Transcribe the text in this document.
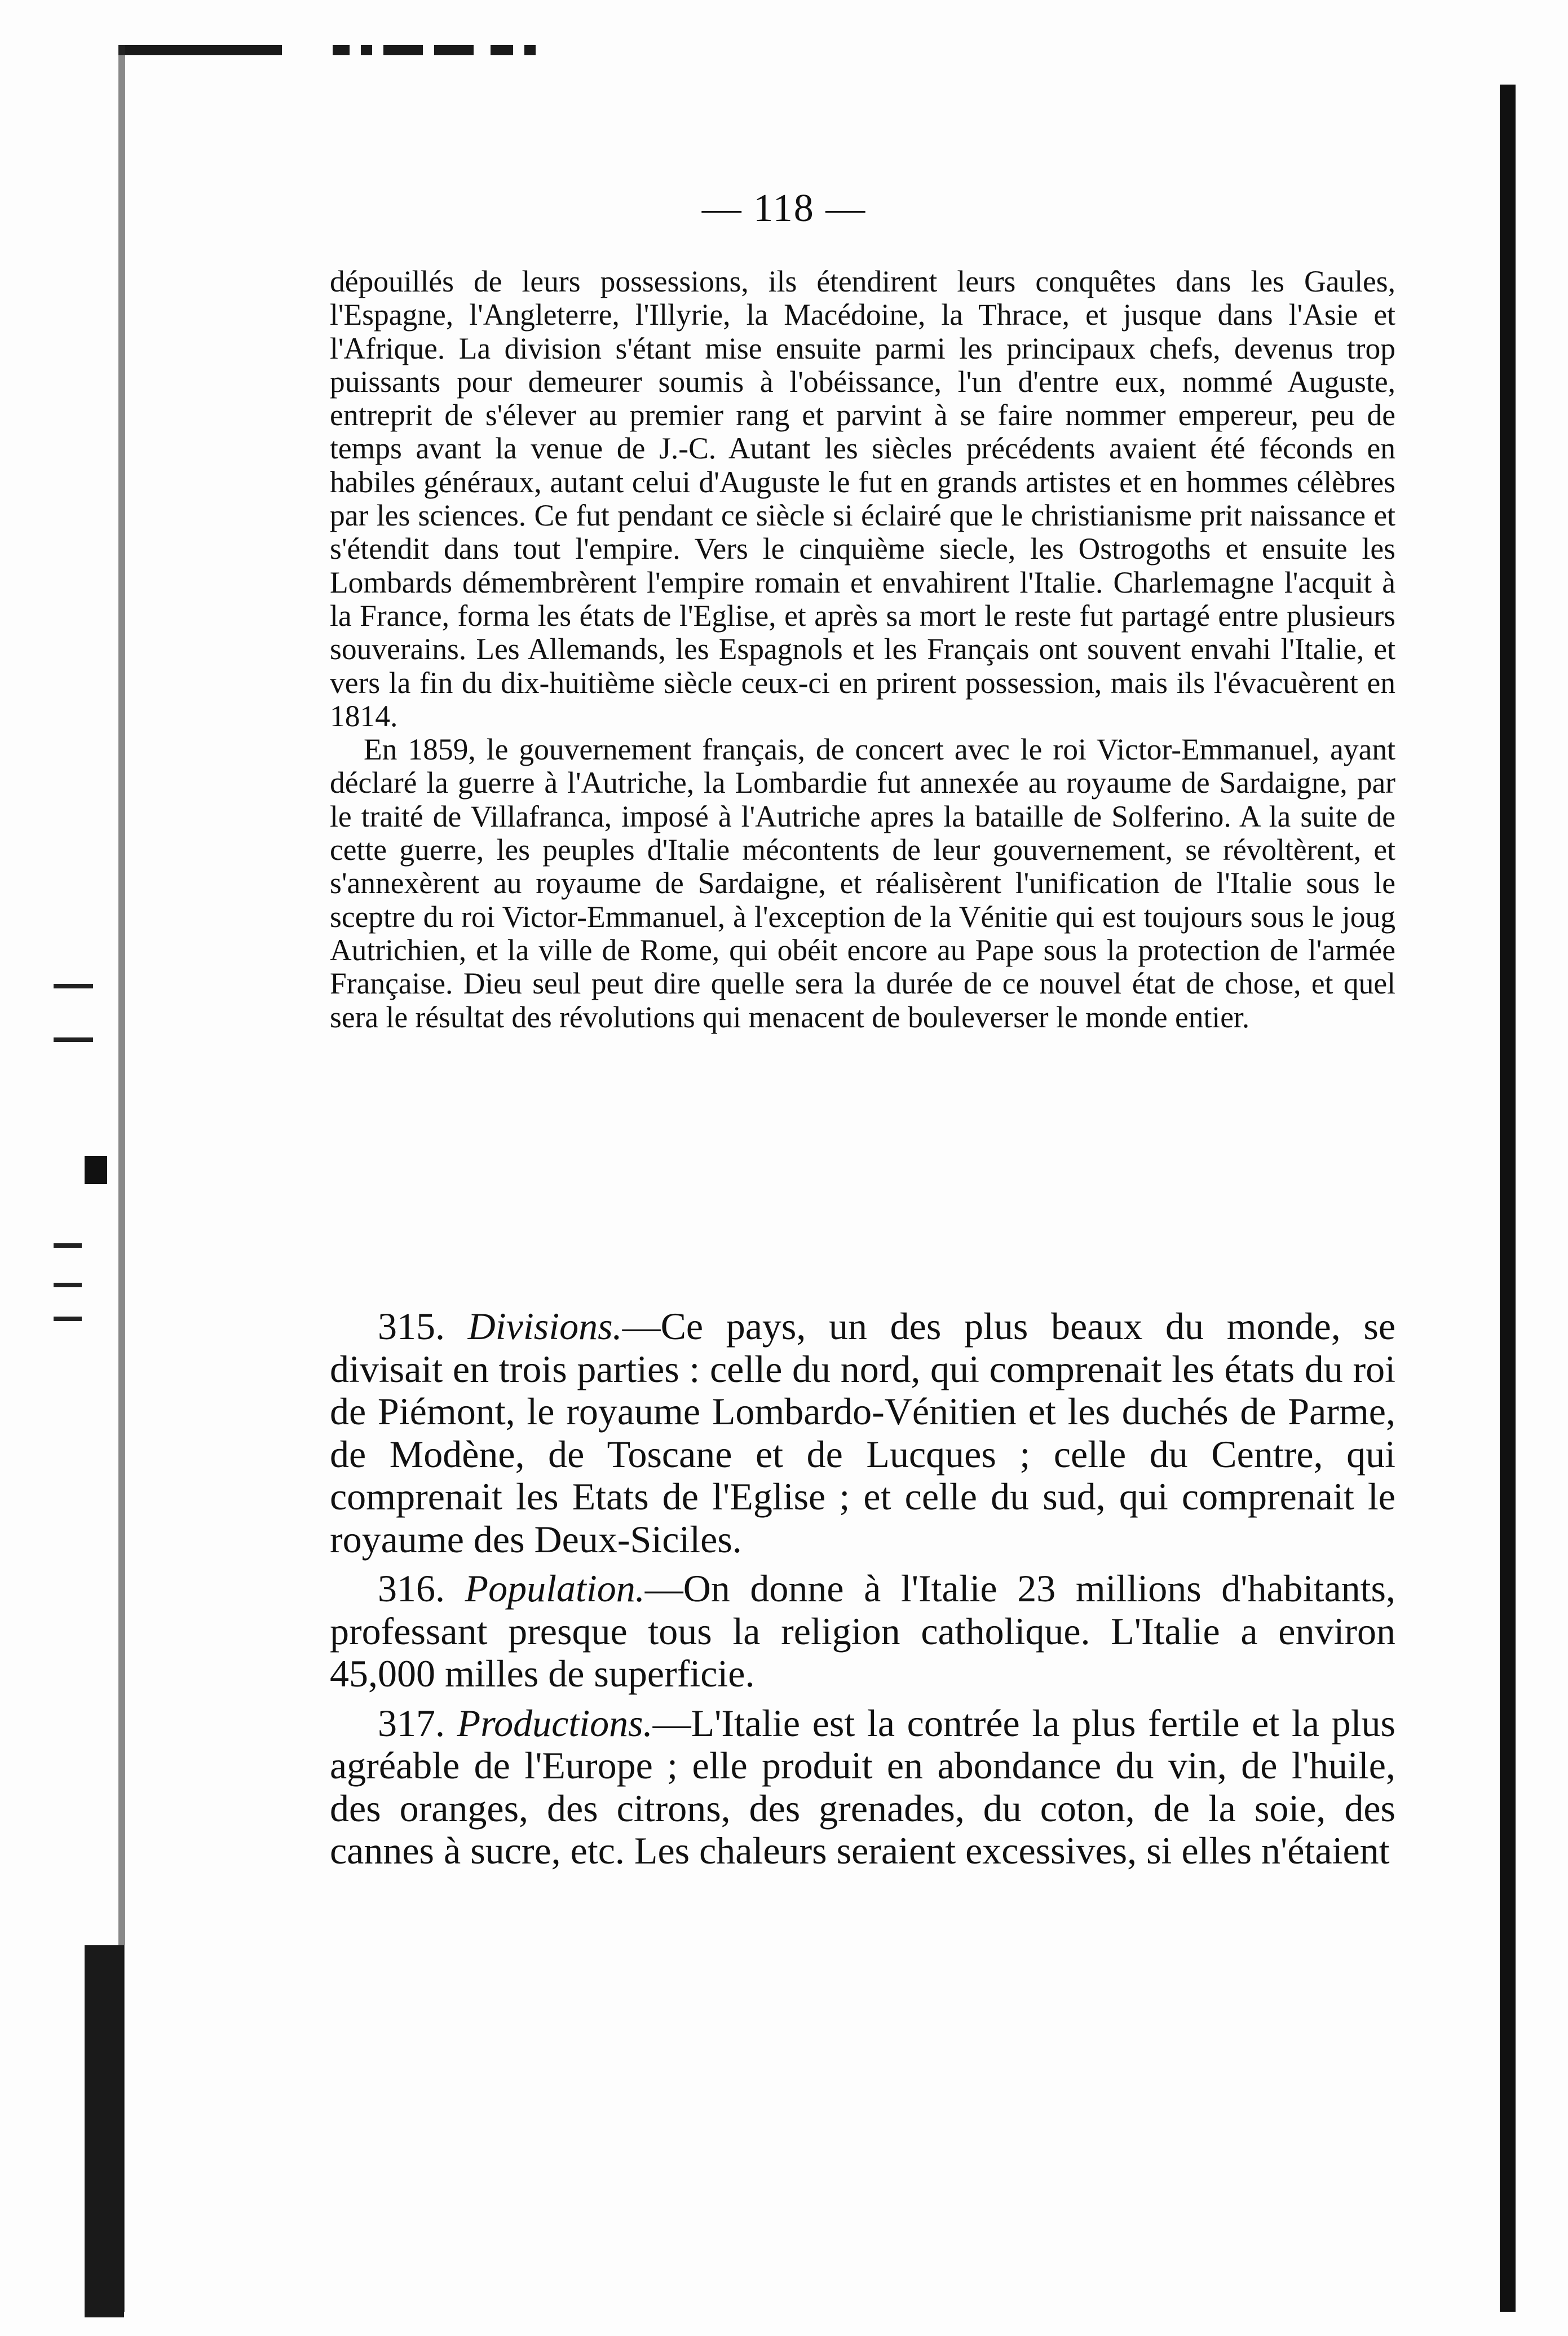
— 118 —

dépouillés de leurs possessions, ils étendirent leurs conquêtes dans les Gaules, l'Espagne, l'Angleterre, l'Illyrie, la Macédoine, la Thrace, et jusque dans l'Asie et l'Afrique. La division s'étant mise ensuite parmi les principaux chefs, devenus trop puissants pour demeurer soumis à l'obéissance, l'un d'entre eux, nommé Auguste, entreprit de s'élever au premier rang et parvint à se faire nommer empereur, peu de temps avant la venue de J.-C. Autant les siècles précédents avaient été féconds en habiles généraux, autant celui d'Auguste le fut en grands artistes et en hommes célèbres par les sciences. Ce fut pendant ce siècle si éclairé que le christianisme prit naissance et s'étendit dans tout l'empire. Vers le cinquième siecle, les Ostrogoths et ensuite les Lombards démembrèrent l'empire romain et envahirent l'Italie. Charlemagne l'acquit à la France, forma les états de l'Eglise, et après sa mort le reste fut partagé entre plusieurs souverains. Les Allemands, les Espagnols et les Français ont souvent envahi l'Italie, et vers la fin du dix-huitième siècle ceux-ci en prirent possession, mais ils l'évacuèrent en 1814.

En 1859, le gouvernement français, de concert avec le roi Victor-Emmanuel, ayant déclaré la guerre à l'Autriche, la Lombardie fut annexée au royaume de Sardaigne, par le traité de Villafranca, imposé à l'Autriche apres la bataille de Solferino. A la suite de cette guerre, les peuples d'Italie mécontents de leur gouvernement, se révoltèrent, et s'annexèrent au royaume de Sardaigne, et réalisèrent l'unification de l'Italie sous le sceptre du roi Victor-Emmanuel, à l'exception de la Vénitie qui est toujours sous le joug Autrichien, et la ville de Rome, qui obéit encore au Pape sous la protection de l'armée Française. Dieu seul peut dire quelle sera la durée de ce nouvel état de chose, et quel sera le résultat des révolutions qui menacent de bouleverser le monde entier.

315. Divisions.—Ce pays, un des plus beaux du monde, se divisait en trois parties : celle du nord, qui comprenait les états du roi de Piémont, le royaume Lombardo-Vénitien et les duchés de Parme, de Modène, de Toscane et de Lucques ; celle du Centre, qui comprenait les Etats de l'Eglise ; et celle du sud, qui comprenait le royaume des Deux-Siciles.

316. Population.—On donne à l'Italie 23 millions d'habitants, professant presque tous la religion catholique. L'Italie a environ 45,000 milles de superficie.

317. Productions.—L'Italie est la contrée la plus fertile et la plus agréable de l'Europe ; elle produit en abondance du vin, de l'huile, des oranges, des citrons, des grenades, du coton, de la soie, des cannes à sucre, etc. Les chaleurs seraient excessives, si elles n'étaient
